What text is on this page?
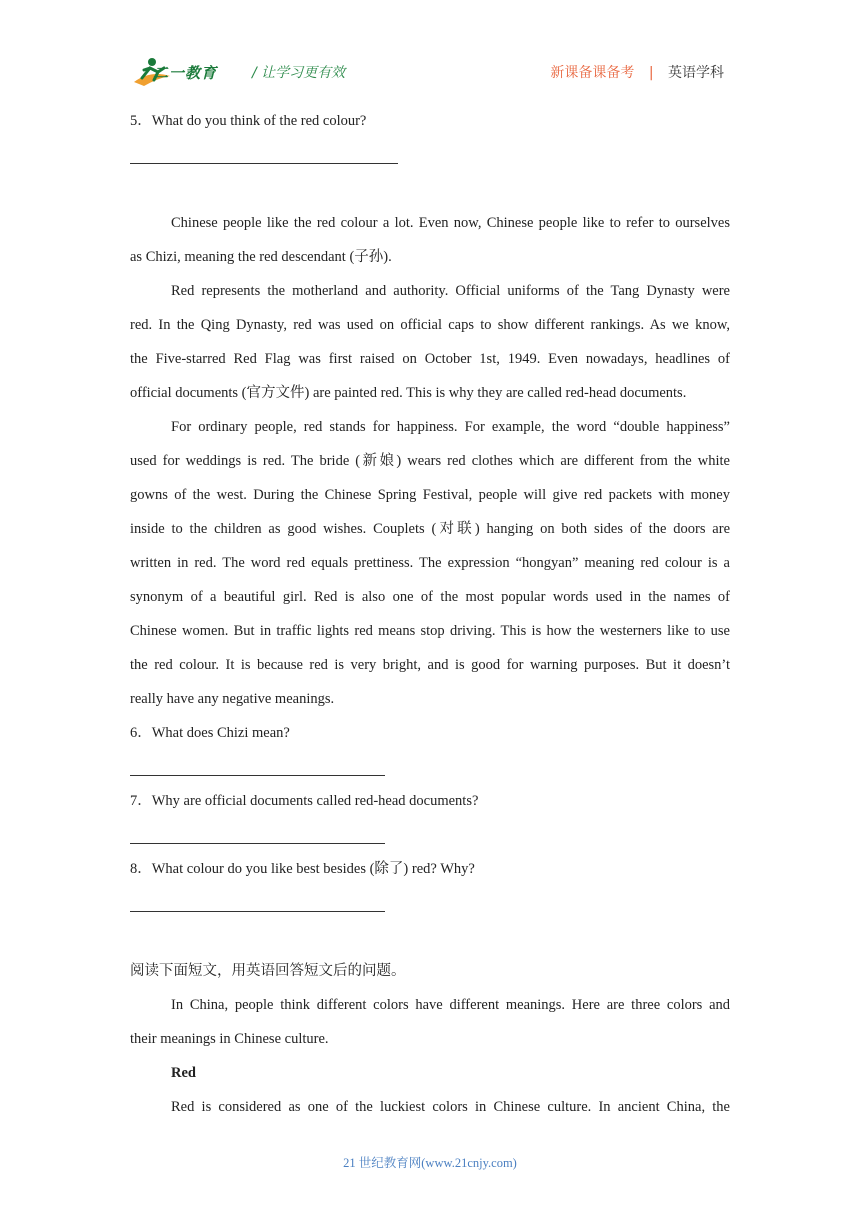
二一教育 / 让学习更有效	新课备课备考 | 英语学科
5．What do you think of the red colour?
Chinese people like the red colour a lot. Even now, Chinese people like to refer to ourselves
as Chizi, meaning the red descendant (子孙).
Red represents the motherland and authority. Official uniforms of the Tang Dynasty were
red. In the Qing Dynasty, red was used on official caps to show different rankings. As we know,
the Five-starred Red Flag was first raised on October 1st, 1949. Even nowadays, headlines of
official documents (官方文件) are painted red. This is why they are called red-head documents.
For ordinary people, red stands for happiness. For example, the word “double happiness”
used for weddings is red. The bride (新娘) wears red clothes which are different from the white
gowns of the west. During the Chinese Spring Festival, people will give red packets with money
inside to the children as good wishes. Couplets (对联) hanging on both sides of the doors are
written in red. The word red equals prettiness. The expression “hongyan” meaning red colour is a
synonym of a beautiful girl. Red is also one of the most popular words used in the names of
Chinese women. But in traffic lights red means stop driving. This is how the westerners like to use
the red colour. It is because red is very bright, and is good for warning purposes. But it doesn’t
really have any negative meanings.
6．What does Chizi mean?
7．Why are official documents called red-head documents?
8．What colour do you like best besides (除了) red? Why?
阅读下面短文，用英语回答短文后的问题。
In China, people think different colors have different meanings. Here are three colors and
their meanings in Chinese culture.
Red
Red is considered as one of the luckiest colors in Chinese culture. In ancient China, the
21 世纪教育网(www.21cnjy.com)
